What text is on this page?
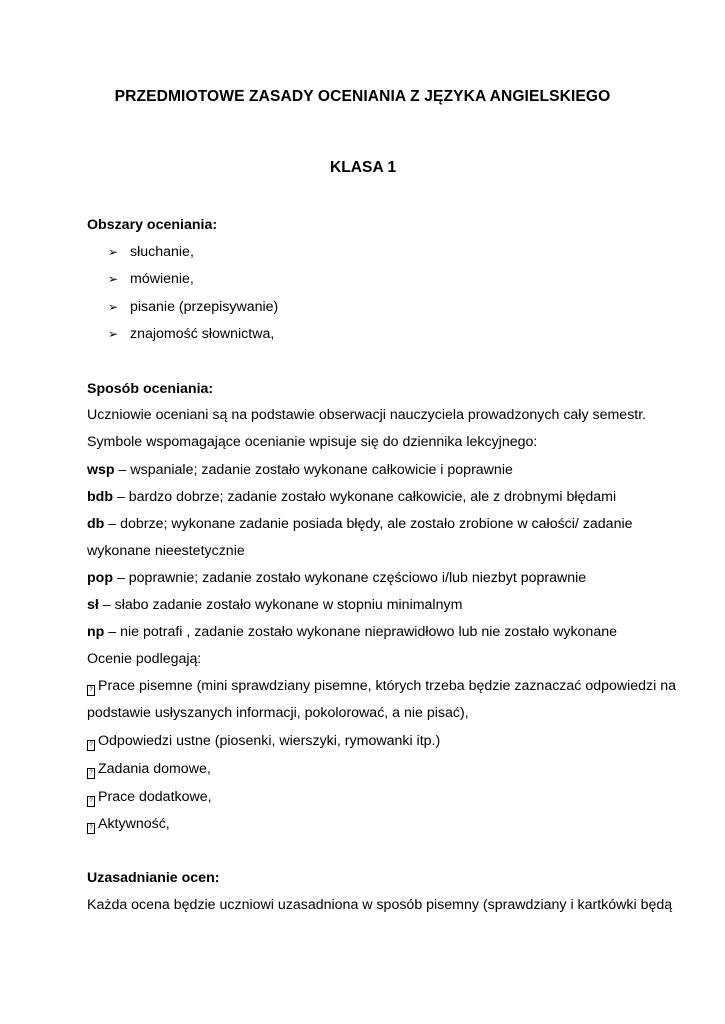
PRZEDMIOTOWE ZASADY OCENIANIA Z JĘZYKA ANGIELSKIEGO
KLASA 1
Obszary oceniania:
➢ słuchanie,
➢ mówienie,
➢ pisanie (przepisywanie)
➢ znajomość słownictwa,
Sposób oceniania:
Uczniowie oceniani są na podstawie obserwacji nauczyciela prowadzonych cały semestr.
Symbole wspomagające ocenianie wpisuje się do dziennika lekcyjnego:
wsp – wspaniale; zadanie zostało wykonane całkowicie i poprawnie
bdb – bardzo dobrze; zadanie zostało wykonane całkowicie, ale z drobnymi błędami
db – dobrze; wykonane zadanie posiada błędy, ale zostało zrobione w całości/ zadanie
wykonane nieestetycznie
pop – poprawnie; zadanie zostało wykonane częściowo i/lub niezbyt poprawnie
sł – słabo zadanie zostało wykonane w stopniu minimalnym
np – nie potrafi , zadanie zostało wykonane nieprawidłowo lub nie zostało wykonane
Ocenie podlegają:
? Prace pisemne (mini sprawdziany pisemne, których trzeba będzie zaznaczać odpowiedzi na
podstawie usłyszanych informacji, pokolorować, a nie pisać),
? Odpowiedzi ustne (piosenki, wierszyki, rymowanki itp.)
? Zadania domowe,
? Prace dodatkowe,
? Aktywność,
Uzasadnianie ocen:
Każda ocena będzie uczniowi uzasadniona w sposób pisemny (sprawdziany i kartkówki będą
